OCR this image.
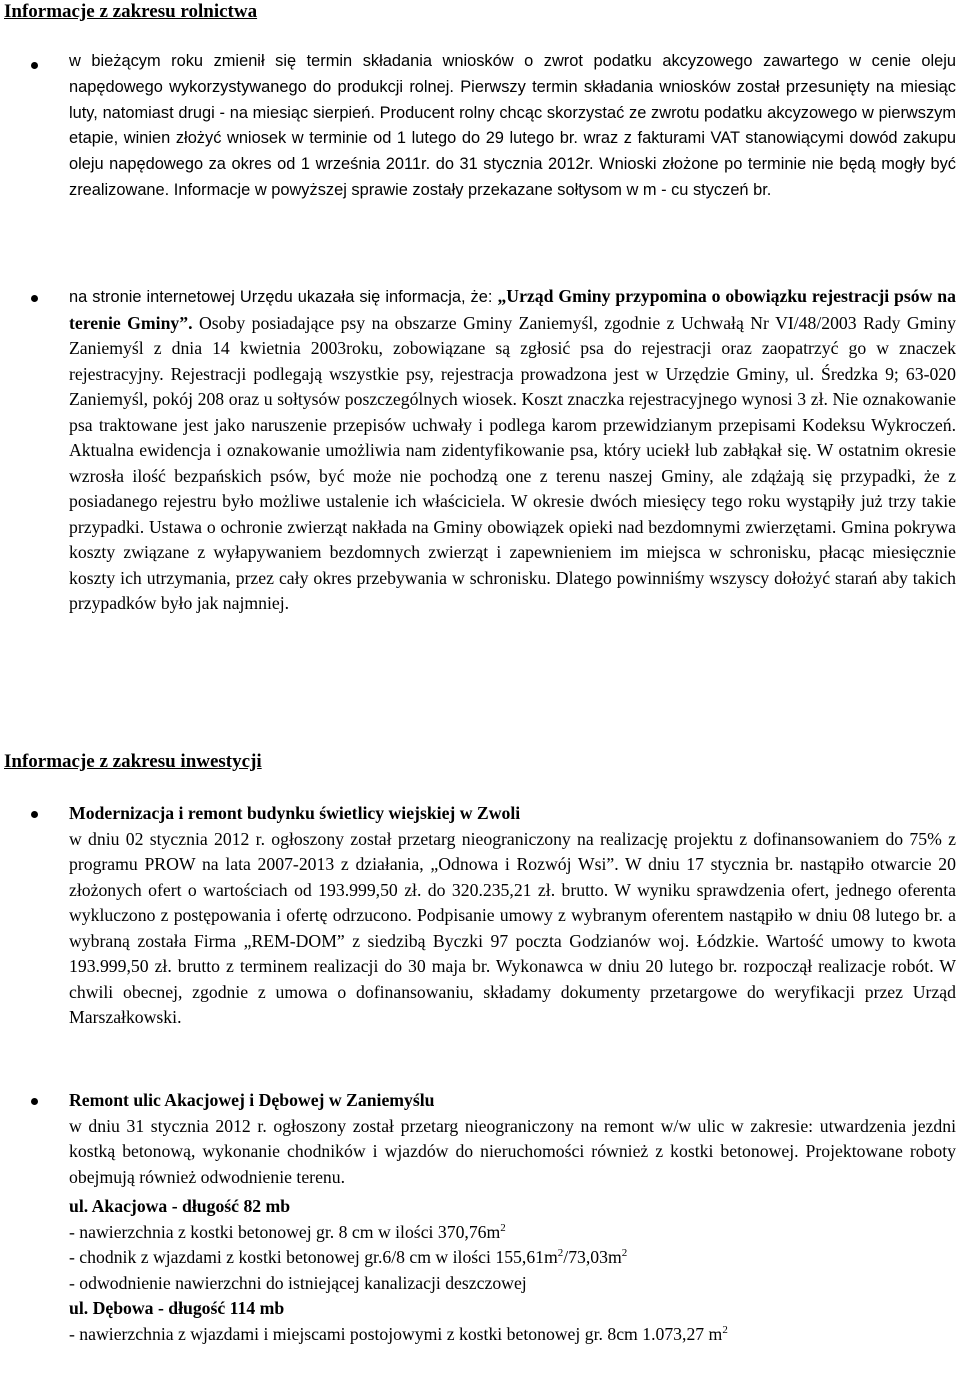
Informacje z zakresu rolnictwa

w bieżącym roku zmienił się termin składania wniosków o zwrot podatku akcyzowego zawartego w cenie oleju napędowego wykorzystywanego do produkcji rolnej. Pierwszy termin składania wniosków został przesunięty na miesiąc luty, natomiast drugi - na miesiąc sierpień. Producent rolny chcąc skorzystać ze zwrotu podatku akcyzowego w pierwszym etapie, winien złożyć wniosek w terminie od 1 lutego do 29 lutego br. wraz z fakturami VAT stanowiącymi dowód zakupu oleju napędowego za okres od 1 września 2011r. do 31 stycznia 2012r. Wnioski złożone po terminie nie będą mogły być zrealizowane. Informacje w powyższej sprawie zostały przekazane sołtysom w m - cu styczeń br.

na stronie internetowej Urzędu ukazała się informacja, że: „Urząd Gminy przypomina o obowiązku rejestracji psów na terenie Gminy”. Osoby posiadające psy na obszarze Gminy Zaniemyśl, zgodnie z Uchwałą Nr VI/48/2003 Rady Gminy Zaniemyśl z dnia 14 kwietnia 2003roku, zobowiązane są zgłosić psa do rejestracji oraz zaopatrzyć go w znaczek rejestracyjny. Rejestracji podlegają wszystkie psy, rejestracja prowadzona jest w Urzędzie Gminy, ul. Średzka 9; 63-020 Zaniemyśl, pokój 208 oraz u sołtysów poszczególnych wiosek. Koszt znaczka rejestracyjnego wynosi 3 zł. Nie oznakowanie psa traktowane jest jako naruszenie przepisów uchwały i podlega karom przewidzianym przepisami Kodeksu Wykroczeń. Aktualna ewidencja i oznakowanie umożliwia nam zidentyfikowanie psa, który uciekł lub zabłąkał się. W ostatnim okresie wzrosła ilość bezpańskich psów, być może nie pochodzą one z terenu naszej Gminy, ale zdążają się przypadki, że z posiadanego rejestru było możliwe ustalenie ich właściciela. W okresie dwóch miesięcy tego roku wystąpiły już trzy takie przypadki. Ustawa o ochronie zwierząt nakłada na Gminy obowiązek opieki nad bezdomnymi zwierzętami. Gmina pokrywa koszty związane z wyłapywaniem bezdomnych zwierząt i zapewnieniem im miejsca w schronisku, płacąc miesięcznie koszty ich utrzymania, przez cały okres przebywania w schronisku. Dlatego powinniśmy wszyscy dołożyć starań aby takich przypadków było jak najmniej.

Informacje z zakresu inwestycji

Modernizacja i remont budynku świetlicy wiejskiej w Zwoli

w dniu 02 stycznia 2012 r. ogłoszony został przetarg nieograniczony na realizację projektu z dofinansowaniem do 75% z programu PROW na lata 2007-2013 z działania, „Odnowa i Rozwój Wsi”. W dniu 17 stycznia br. nastąpiło otwarcie 20 złożonych ofert o wartościach od 193.999,50 zł. do 320.235,21 zł. brutto. W wyniku sprawdzenia ofert, jednego oferenta wykluczono z postępowania i ofertę odrzucono. Podpisanie umowy z wybranym oferentem nastąpiło w dniu 08 lutego br. a wybraną została Firma „REM-DOM” z siedzibą Byczki 97 poczta Godzianów woj. Łódzkie. Wartość umowy to kwota 193.999,50 zł. brutto z terminem realizacji do 30 maja br. Wykonawca w dniu 20 lutego br. rozpoczął realizacje robót. W chwili obecnej, zgodnie z umowa o dofinansowaniu, składamy dokumenty przetargowe do weryfikacji przez Urząd Marszałkowski.

Remont ulic Akacjowej i Dębowej w Zaniemyślu

w dniu 31 stycznia 2012 r. ogłoszony został przetarg nieograniczony na remont w/w ulic w zakresie: utwardzenia jezdni kostką betonową, wykonanie chodników i wjazdów do nieruchomości również z kostki betonowej. Projektowane roboty obejmują również odwodnienie terenu.

ul. Akacjowa - długość 82 mb

- nawierzchnia z kostki betonowej gr. 8 cm w ilości $370,76m^2$

- chodnik z wjazdami z kostki betonowej gr.6/8 cm w ilości $155,61m^2/73,03m^2$

- odwodnienie nawierzchni do istniejącej kanalizacji deszczowej

ul. Dębowa - długość 114 mb

- nawierzchnia z wjazdami i miejscami postojowymi z kostki betonowej gr. 8cm 1.073,27 $m^2$
